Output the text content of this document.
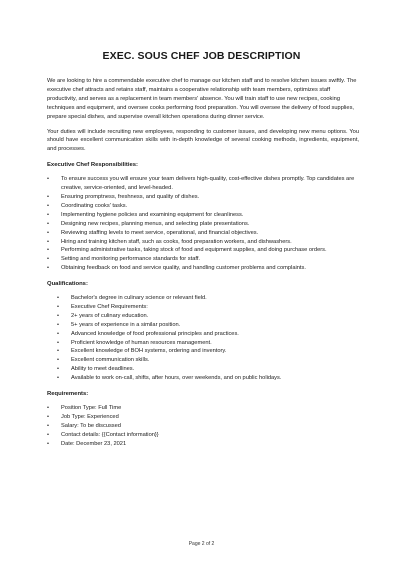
EXEC. SOUS CHEF JOB DESCRIPTION

We are looking to hire a commendable executive chef to manage our kitchen staff and to resolve kitchen issues swiftly. The executive chef attracts and retains staff, maintains a cooperative relationship with team members, optimizes staff productivity, and serves as a replacement in team members' absence. You will train staff to use new recipes, cooking techniques and equipment, and oversee cooks performing food preparation. You will oversee the delivery of food supplies, prepare special dishes, and supervise overall kitchen operations during dinner service.

Your duties will include recruiting new employees, responding to customer issues, and developing new menu options. You should have excellent communication skills with in-depth knowledge of several cooking methods, ingredients, equipment, and processes.

Executive Chef Responsibilities:
• To ensure success you will ensure your team delivers high-quality, cost-effective dishes promptly. Top candidates are creative, service-oriented, and level-headed.
• Ensuring promptness, freshness, and quality of dishes.
• Coordinating cooks' tasks.
• Implementing hygiene policies and examining equipment for cleanliness.
• Designing new recipes, planning menus, and selecting plate presentations.
• Reviewing staffing levels to meet service, operational, and financial objectives.
• Hiring and training kitchen staff, such as cooks, food preparation workers, and dishwashers.
• Performing administrative tasks, taking stock of food and equipment supplies, and doing purchase orders.
• Setting and monitoring performance standards for staff.
• Obtaining feedback on food and service quality, and handling customer problems and complaints.
Qualifications:
• Bachelor's degree in culinary science or relevant field.
• Executive Chef Requirements:
• 2+ years of culinary education.
• 5+ years of experience in a similar position.
• Advanced knowledge of food professional principles and practices.
• Proficient knowledge of human resources management.
• Excellent knowledge of BOH systems, ordering and inventory.
• Excellent communication skills.
• Ability to meet deadlines.
• Available to work on-call, shifts, after hours, over weekends, and on public holidays.
Requirements:
• Position Type: Full Time
• Job Type: Experienced
• Salary: To be discussed
• Contact details: {{Contact information}}
• Date: December 23, 2021
Page 2 of 2
